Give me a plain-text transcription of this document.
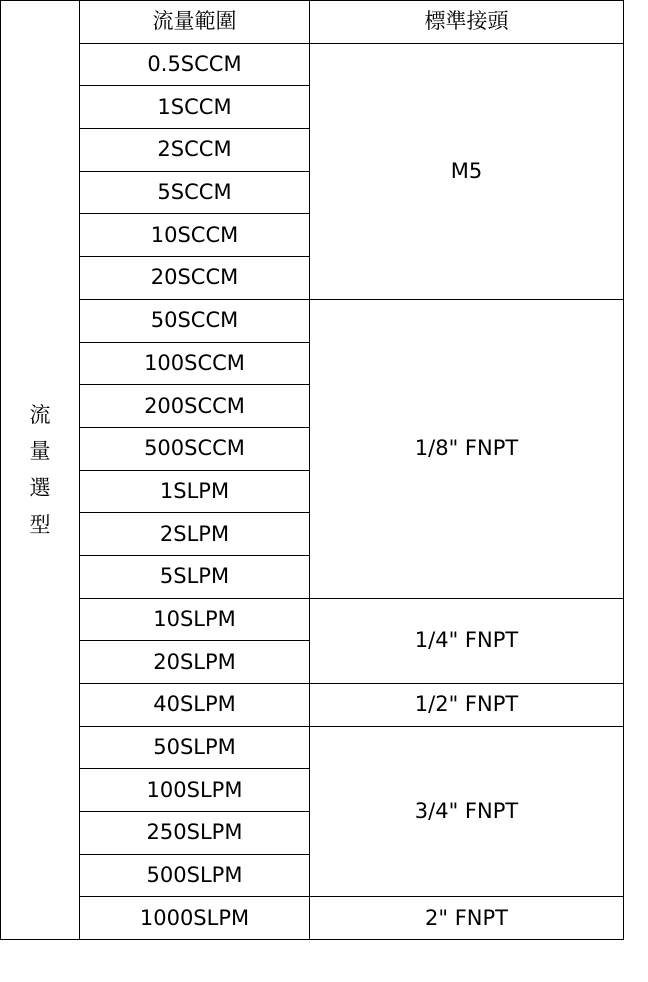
流量選型	流量範圍	標準接頭
	0.5SCCM	M5
	1SCCM	
	2SCCM	
	5SCCM	
	10SCCM	
	20SCCM	
	50SCCM	1/8" FNPT
	100SCCM	
	200SCCM	
	500SCCM	
	1SLPM	
	2SLPM	
	5SLPM	
	10SLPM	1/4" FNPT
	20SLPM	
	40SLPM	1/2" FNPT
	50SLPM	3/4" FNPT
	100SLPM	
	250SLPM	
	500SLPM	
	1000SLPM	2" FNPT
